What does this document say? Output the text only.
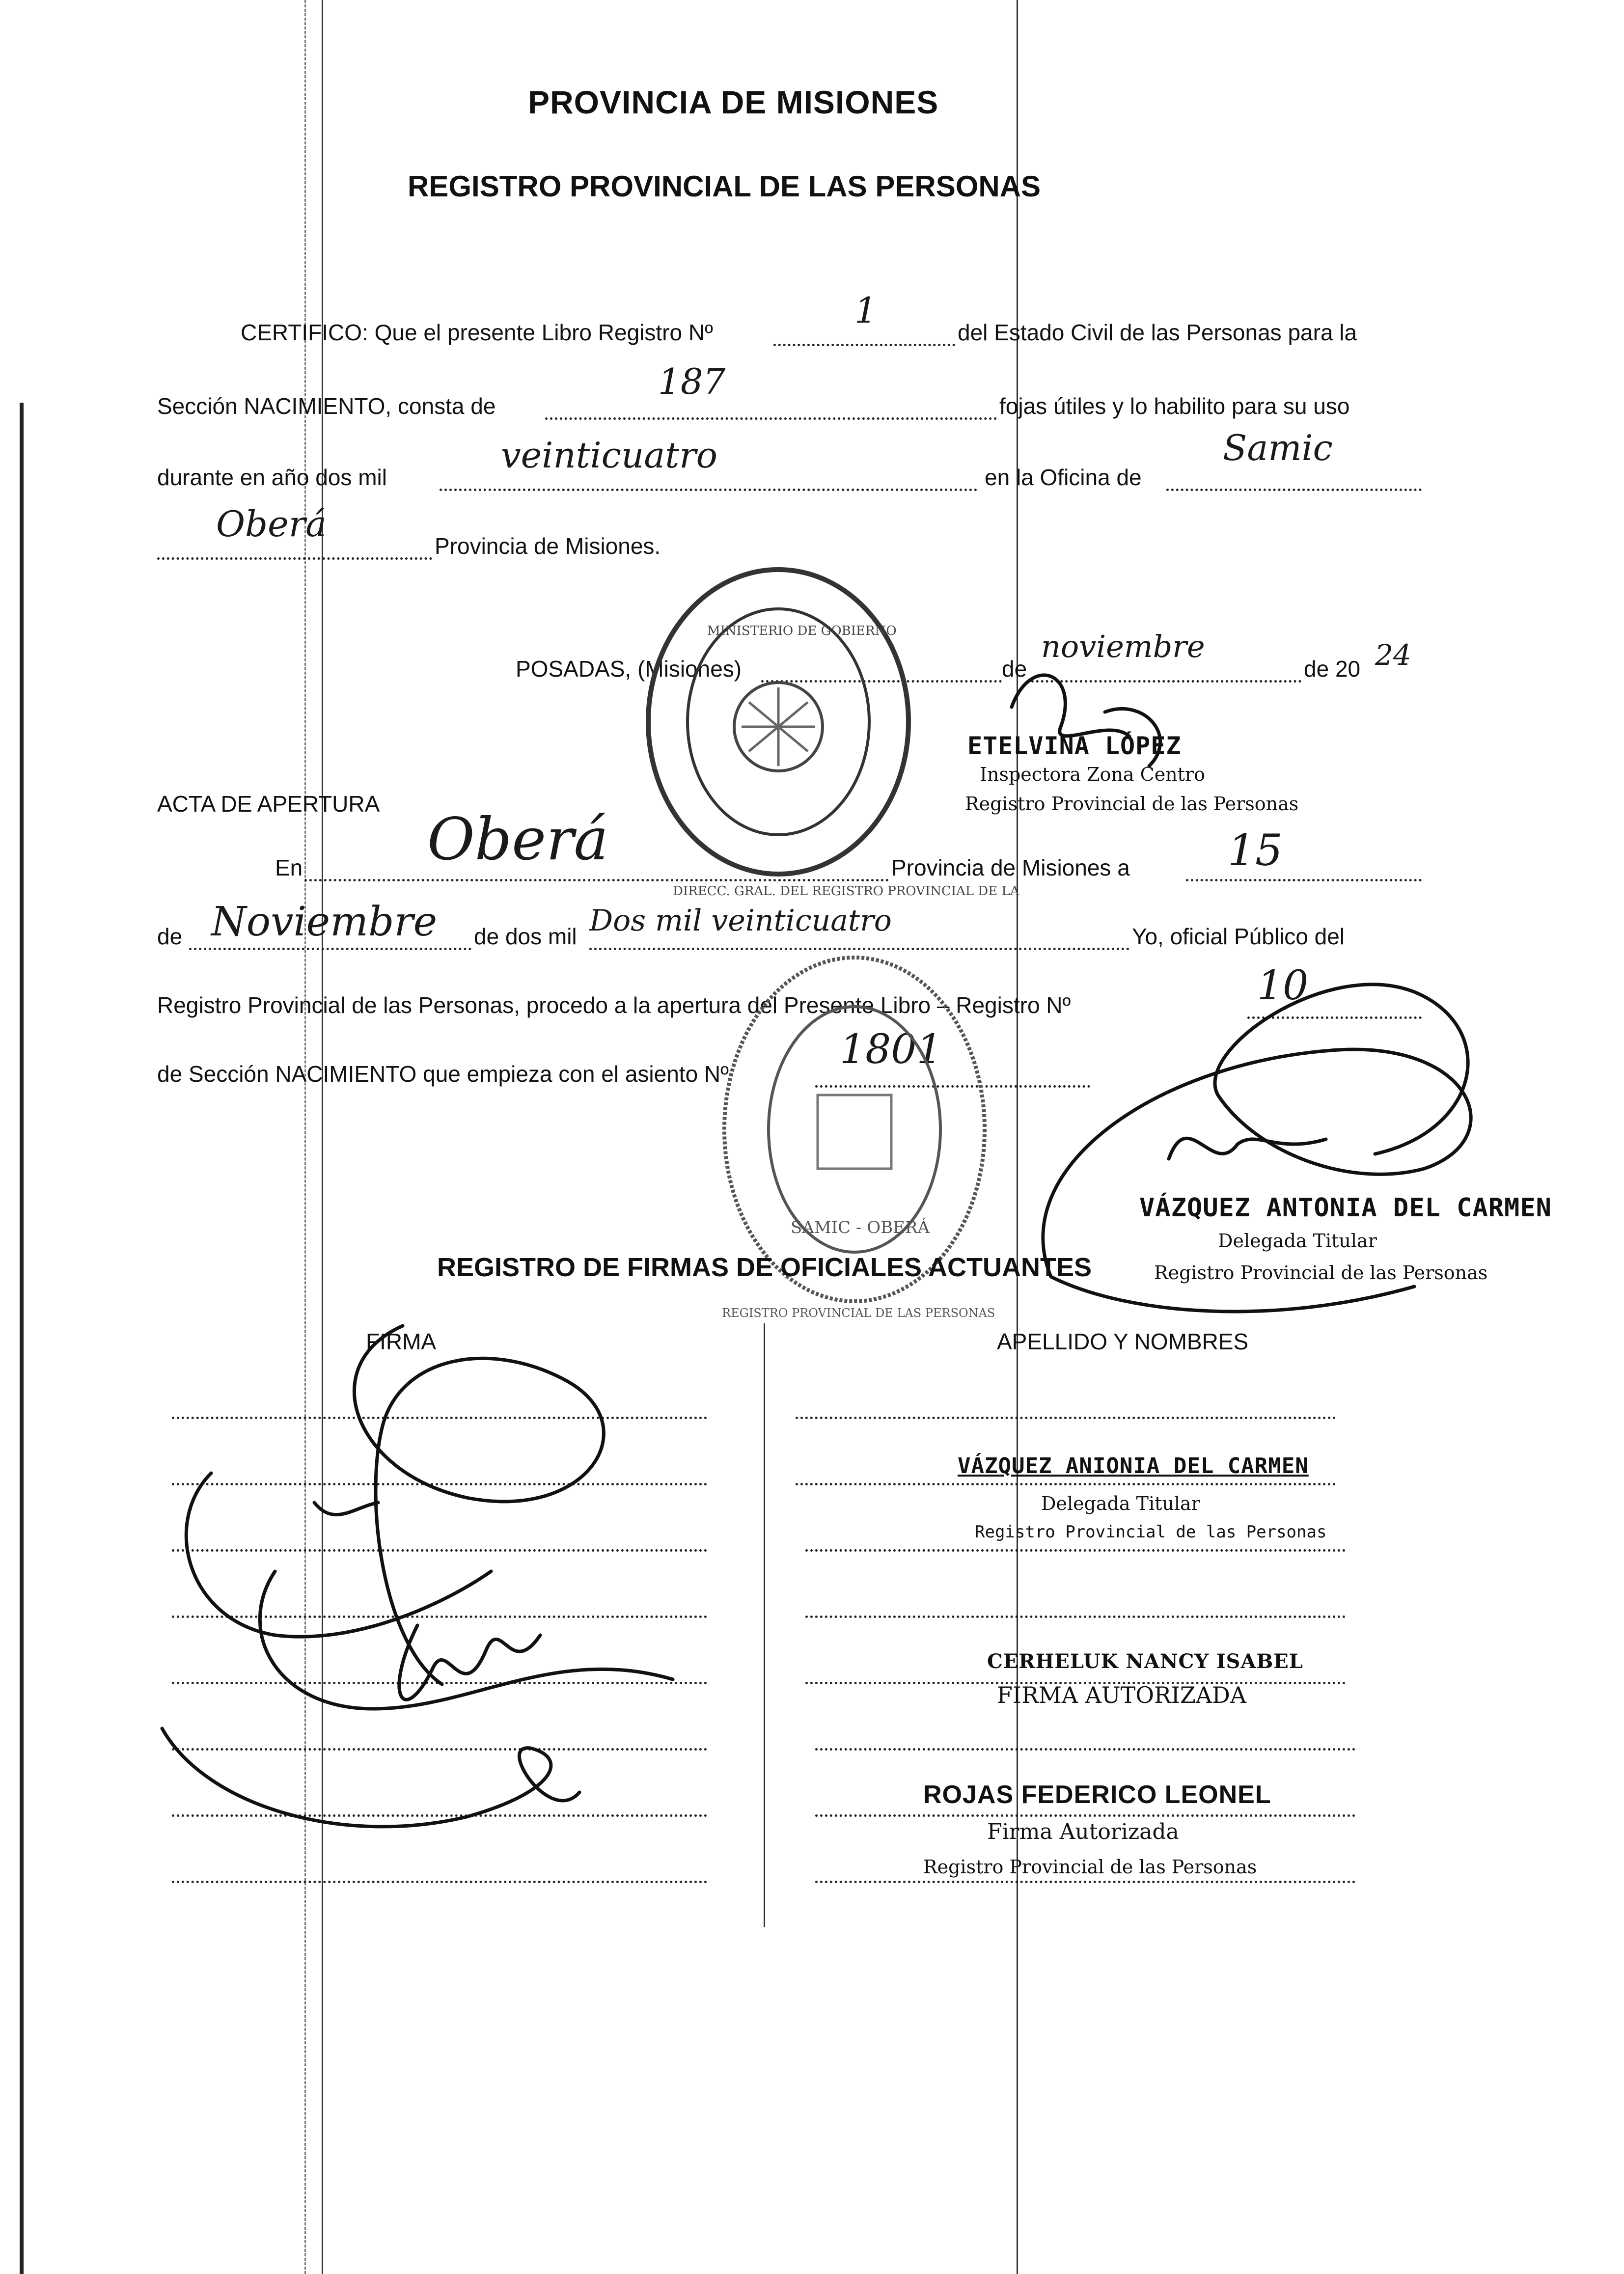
PROVINCIA DE MISIONES
REGISTRO PROVINCIAL DE LAS PERSONAS
CERTIFICO: Que el presente Libro Registro Nº
1
del Estado Civil de las Personas para la
Sección NACIMIENTO, consta de
187
fojas útiles y lo habilito para su uso
durante en año dos mil
veinticuatro
en la Oficina de
Samic
Oberá
Provincia de Misiones.
POSADAS, (Misiones)	de
noviembre
de 20 24
ETELVINA LÓPEZ
Inspectora Zona Centro
Registro Provincial de las Personas
DIRECC. GRAL. DEL REGISTRO PROVINCIAL DE LA
MINISTERIO DE GOBIERNO
ACTA DE APERTURA
En Oberá	Provincia de Misiones a 15
de Noviembre de dos mil Dos mil veinticuatro	Yo, oficial Público del
Registro Provincial de las Personas, procedo a la apertura del Presente Libro – Registro Nº	10
de Sección NACIMIENTO que empieza con el asiento Nº
1801
REGISTRO PROVINCIAL DE LAS PERSONAS
SAMIC - OBERÁ
VÁZQUEZ ANTONIA DEL CARMEN
Delegada Titular
Registro Provincial de las Personas
REGISTRO DE FIRMAS DE OFICIALES ACTUANTES
FIRMA	APELLIDO Y NOMBRES
VÁZQUEZ ANIONIA DEL CARMEN
Delegada Titular
Registro Provincial de las Personas
CERHELUK NANCY ISABEL
FIRMA AUTORIZADA
ROJAS FEDERICO LEONEL
Firma Autorizada
Registro Provincial de las Personas
